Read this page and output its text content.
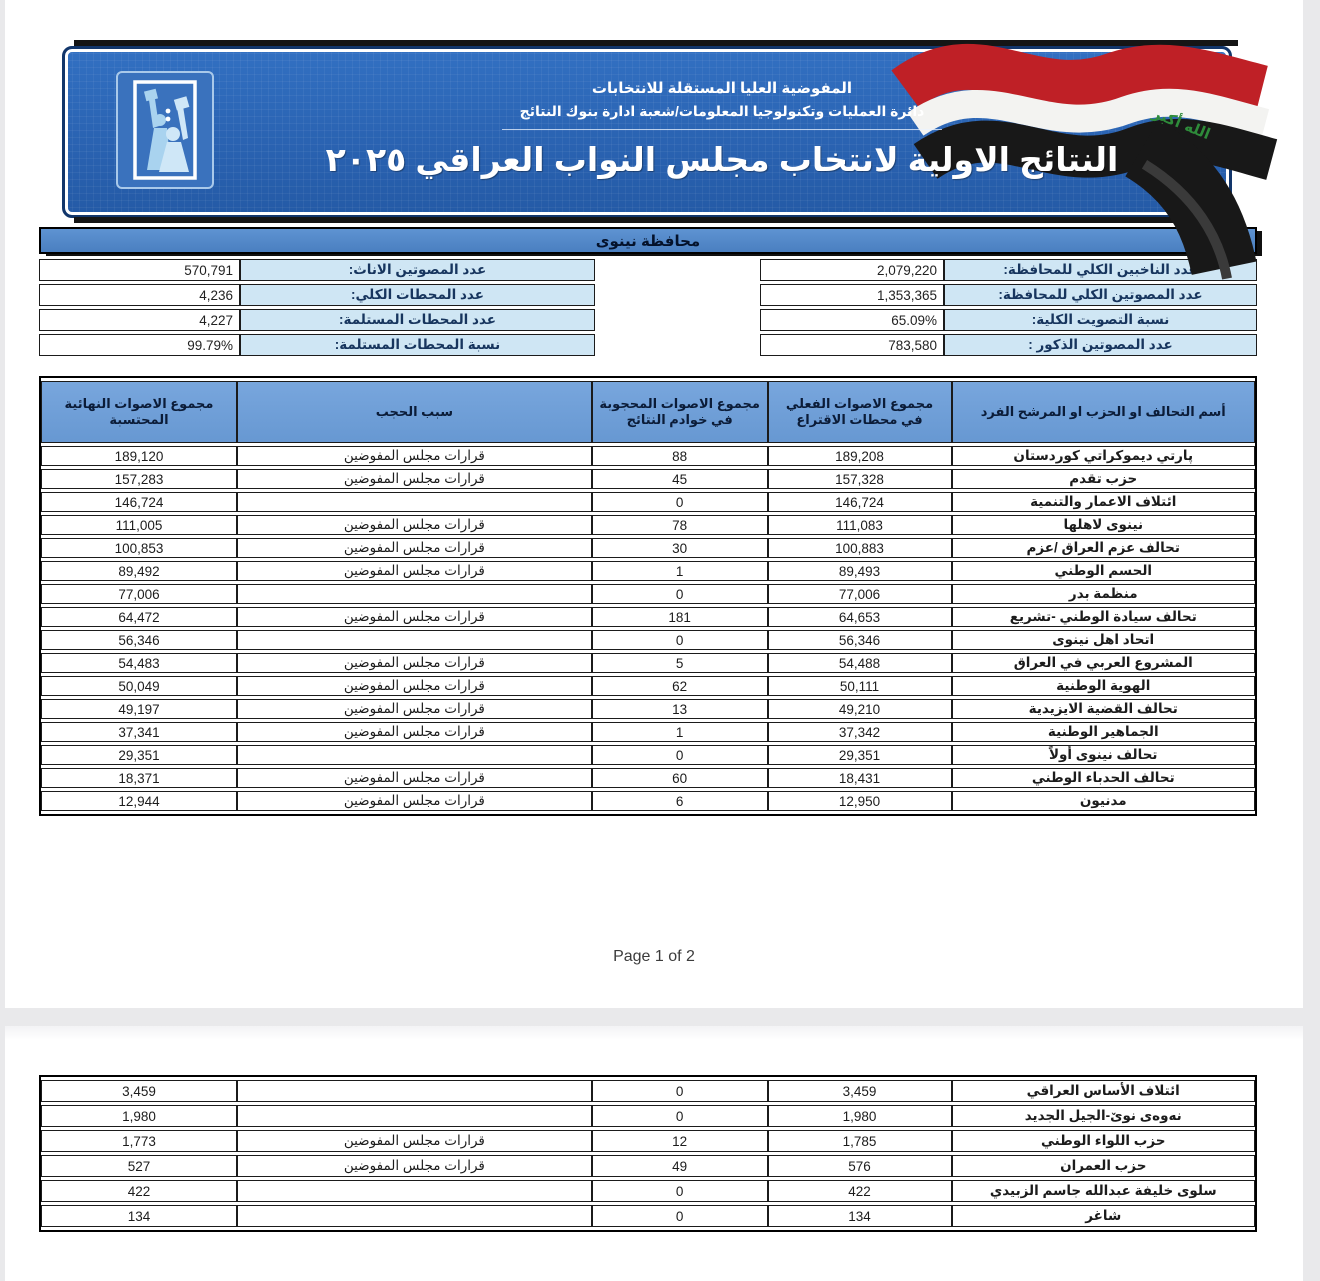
المفوضية العليا المستقلة للانتخابات
دائرة العمليات وتكنولوجيا المعلومات/شعبة ادارة بنوك النتائج
النتائج الاولية لانتخاب مجلس النواب العراقي ٢٠٢٥
الله أكبر
محافظة نينوى
عدد المصوتين الاناث:	570,791
عدد المحطات الكلي:	4,236
عدد المحطات المستلمة:	4,227
نسبة المحطات المستلمة:	99.79%
عدد الناخبين الكلي للمحافظة:	2,079,220
عدد المصوتين الكلي للمحافظة:	1,353,365
نسبة التصويت الكلية:	65.09%
عدد المصوتين الذكور :	783,580
أسم التحالف او الحزب او المرشح الفرد	مجموع الاصوات الفعلي في محطات الاقتراع	مجموع الاصوات المحجوبة في خوادم النتائج	سبب الحجب	مجموع الاصوات النهائية المحتسبة
پارتي ديموكراتي كوردستان	189,208	88	قرارات مجلس المفوضين	189,120
حزب تقدم	157,328	45	قرارات مجلس المفوضين	157,283
ائتلاف الاعمار والتنمية	146,724	0		146,724
نينوى لاهلها	111,083	78	قرارات مجلس المفوضين	111,005
تحالف عزم العراق /عزم	100,883	30	قرارات مجلس المفوضين	100,853
الحسم الوطني	89,493	1	قرارات مجلس المفوضين	89,492
منظمة بدر	77,006	0		77,006
تحالف سيادة الوطني -تشريع	64,653	181	قرارات مجلس المفوضين	64,472
اتحاد اهل نينوى	56,346	0		56,346
المشروع العربي في العراق	54,488	5	قرارات مجلس المفوضين	54,483
الهوية الوطنية	50,111	62	قرارات مجلس المفوضين	50,049
تحالف القضية الايزيدية	49,210	13	قرارات مجلس المفوضين	49,197
الجماهير الوطنية	37,342	1	قرارات مجلس المفوضين	37,341
تحالف نينوى أولاً	29,351	0		29,351
تحالف الحدباء الوطني	18,431	60	قرارات مجلس المفوضين	18,371
مدنيون	12,950	6	قرارات مجلس المفوضين	12,944
Page 1 of 2
ائتلاف الأساس العراقي	3,459	0		3,459
نەوەى نوێ-الجيل الجديد	1,980	0		1,980
حزب اللواء الوطني	1,785	12	قرارات مجلس المفوضين	1,773
حزب العمران	576	49	قرارات مجلس المفوضين	527
سلوى خليفة عبدالله جاسم الزبيدي	422	0		422
شاغر	134	0		134
